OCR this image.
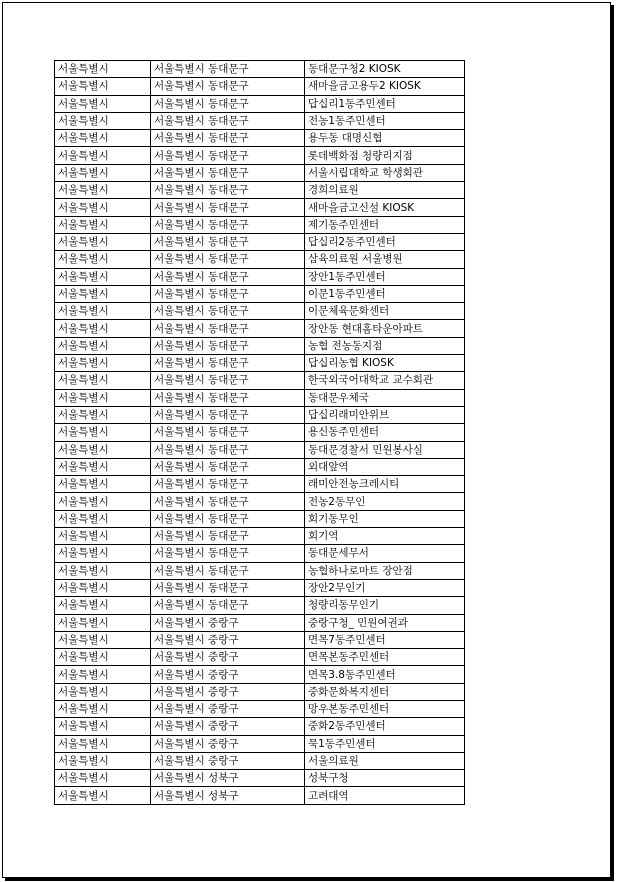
서울특별시	서울특별시 동대문구	동대문구청2 KIOSK
서울특별시	서울특별시 동대문구	새마을금고용두2 KIOSK
서울특별시	서울특별시 동대문구	답십리1동주민센터
서울특별시	서울특별시 동대문구	전농1동주민센터
서울특별시	서울특별시 동대문구	용두동 대명신협
서울특별시	서울특별시 동대문구	롯데백화점 청량리지점
서울특별시	서울특별시 동대문구	서울시립대학교 학생회관
서울특별시	서울특별시 동대문구	경희의료원
서울특별시	서울특별시 동대문구	새마을금고신설 KIOSK
서울특별시	서울특별시 동대문구	제기동주민센터
서울특별시	서울특별시 동대문구	답십리2동주민센터
서울특별시	서울특별시 동대문구	삼육의료원 서울병원
서울특별시	서울특별시 동대문구	장안1동주민센터
서울특별시	서울특별시 동대문구	이문1동주민센터
서울특별시	서울특별시 동대문구	이문체육문화센터
서울특별시	서울특별시 동대문구	장안동 현대홈타운아파트
서울특별시	서울특별시 동대문구	농협 전농동지점
서울특별시	서울특별시 동대문구	답십리농협 KIOSK
서울특별시	서울특별시 동대문구	한국외국어대학교 교수회관
서울특별시	서울특별시 동대문구	동대문우체국
서울특별시	서울특별시 동대문구	답십리래미안위브
서울특별시	서울특별시 동대문구	용신동주민센터
서울특별시	서울특별시 동대문구	동대문경찰서 민원봉사실
서울특별시	서울특별시 동대문구	외대앞역
서울특별시	서울특별시 동대문구	래미안전농크레시티
서울특별시	서울특별시 동대문구	전농2동무인
서울특별시	서울특별시 동대문구	회기동무인
서울특별시	서울특별시 동대문구	회기역
서울특별시	서울특별시 동대문구	동대문세무서
서울특별시	서울특별시 동대문구	농협하나로마트 장안점
서울특별시	서울특별시 동대문구	장안2무인기
서울특별시	서울특별시 동대문구	청량리동무인기
서울특별시	서울특별시 중랑구	중랑구청_ 민원여권과
서울특별시	서울특별시 중랑구	면목7동주민센터
서울특별시	서울특별시 중랑구	면목본동주민센터
서울특별시	서울특별시 중랑구	면목3.8동주민센터
서울특별시	서울특별시 중랑구	중화문화복지센터
서울특별시	서울특별시 중랑구	망우본동주민센터
서울특별시	서울특별시 중랑구	중화2동주민센터
서울특별시	서울특별시 중랑구	묵1동주민센터
서울특별시	서울특별시 중랑구	서울의료원
서울특별시	서울특별시 성북구	성북구청
서울특별시	서울특별시 성북구	고려대역
